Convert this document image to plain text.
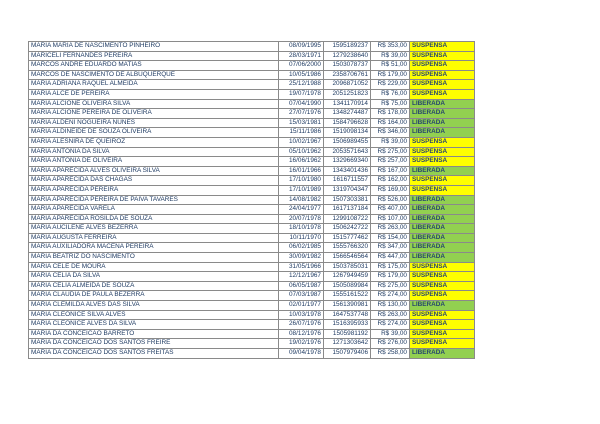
MARIA MARIA DE NASCIMENTO PINHEIRO	08/09/1995	1595189237	R$ 353,00	SUSPENSA
MARICELI FERNANDES PEREIRA	28/03/1971	1279238640	R$ 39,00	SUSPENSA
MARCOS ANDRE EDUARDO MATIAS	07/06/2000	1503078737	R$ 51,00	SUSPENSA
MARCOS DE NASCIMENTO DE ALBUQUERQUE	10/05/1986	2358706761	R$ 179,00	SUSPENSA
MARIA ADRIANA RAQUEL ALMEIDA	25/12/1988	2096871052	R$ 229,00	SUSPENSA
MARIA ALCE DE PEREIRA	19/07/1978	2051251823	R$ 76,00	SUSPENSA
MARIA ALCIONE OLIVEIRA SILVA	07/04/1990	1341170914	R$ 75,00	LIBERADA
MARIA ALCIONE PEREIRA DE OLIVEIRA	27/07/1976	1348274487	R$ 178,00	LIBERADA
MARIA ALDENI NOGUEIRA NUNES	15/03/1981	1584796628	R$ 164,00	LIBERADA
MARIA ALDINEIDE DE SOUZA OLIVEIRA	15/11/1986	1519098134	R$ 346,00	LIBERADA
MARIA ALESNIRA DE QUEIROZ	10/02/1967	1506989455	R$ 39,00	SUSPENSA
MARIA ANTONIA DA SILVA	05/10/1962	2053571643	R$ 275,00	SUSPENSA
MARIA ANTONIA DE OLIVEIRA	16/06/1962	1329669340	R$ 257,00	SUSPENSA
MARIA APARECIDA ALVES OLIVEIRA SILVA	16/01/1966	1343401436	R$ 167,00	LIBERADA
MARIA APARECIDA DAS CHAGAS	17/10/1980	1616711557	R$ 162,00	SUSPENSA
MARIA APARECIDA PEREIRA	17/10/1989	1319704347	R$ 169,00	SUSPENSA
MARIA APARECIDA PEREIRA DE PAIVA TAVARES	14/08/1982	1507303381	R$ 526,00	LIBERADA
MARIA APARECIDA VARELA	24/04/1977	1617137184	R$ 407,00	LIBERADA
MARIA APARECIDA ROSILDA DE SOUZA	20/07/1978	1299108722	R$ 107,00	LIBERADA
MARIA AUCILENE ALVES BEZERRA	18/10/1978	1506242722	R$ 263,00	LIBERADA
MARIA AUGUSTA FERREIRA	10/11/1970	1515777462	R$ 154,00	LIBERADA
MARIA AUXILIADORA MACENA PEREIRA	06/02/1985	1555766320	R$ 347,00	LIBERADA
MARIA BEATRIZ DO NASCIMENTO	30/09/1982	1566546564	R$ 447,00	LIBERADA
MARIA CELE DE MOURA	31/05/1966	1503785031	R$ 175,00	SUSPENSA
MARIA CELIA DA SILVA	12/12/1967	1267949459	R$ 179,00	SUSPENSA
MARIA CELIA ALMEIDA DE SOUZA	06/05/1987	1505089984	R$ 275,00	SUSPENSA
MARIA CLAUDIA DE PAULA BEZERRA	07/03/1987	1555161522	R$ 274,00	SUSPENSA
MARIA CLEMILDA ALVES DAS SILVA	02/01/1977	1561390981	R$ 130,00	LIBERADA
MARIA CLEONICE SILVA ALVES	10/03/1978	1647537748	R$ 263,00	SUSPENSA
MARIA CLEONICE ALVES DA SILVA	26/07/1976	1516395933	R$ 274,00	SUSPENSA
MARIA DA CONCEICAO BARRETO	08/12/1976	1505981192	R$ 39,00	SUSPENSA
MARIA DA CONCEICAO DOS SANTOS FREIRE	19/02/1976	1271303642	R$ 276,00	SUSPENSA
MARIA DA CONCEICAO DOS SANTOS FREITAS	09/04/1978	1507979406	R$ 258,00	LIBERADA
